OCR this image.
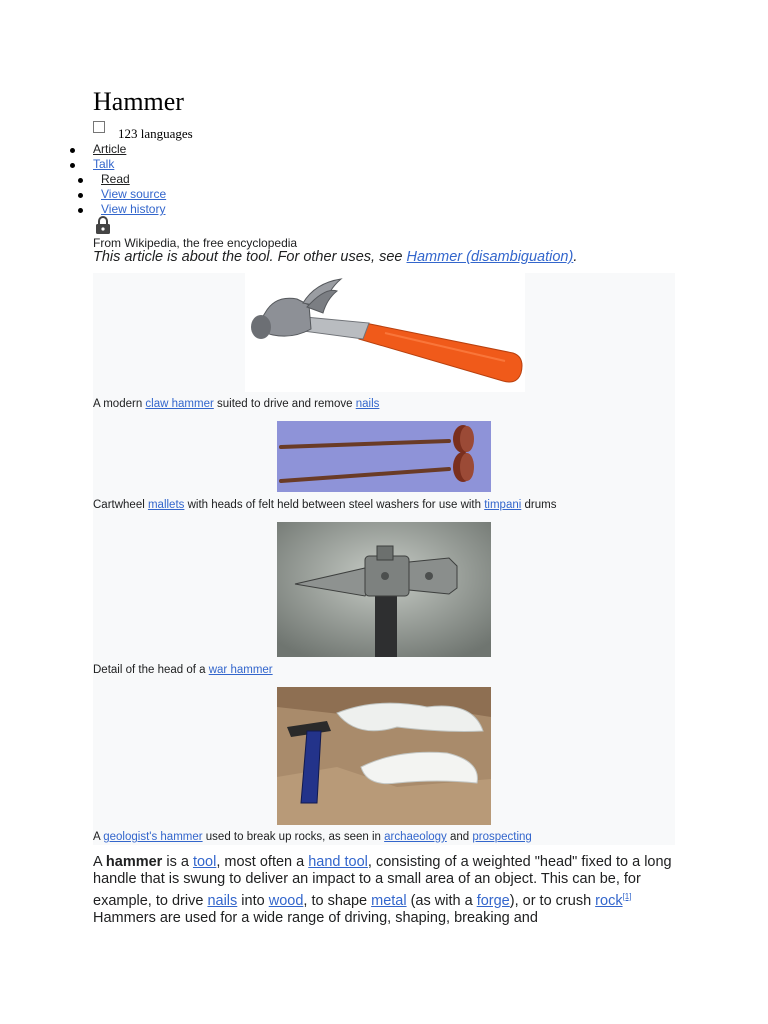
Hammer
123 languages
Article
Talk
Read
View source
View history
From Wikipedia, the free encyclopedia
This article is about the tool. For other uses, see Hammer (disambiguation).
A modern claw hammer suited to drive and remove nails
Cartwheel mallets with heads of felt held between steel washers for use with timpani drums
Detail of the head of a war hammer
A geologist's hammer used to break up rocks, as seen in archaeology and prospecting
A hammer is a tool, most often a hand tool, consisting of a weighted "head" fixed to a long handle that is swung to deliver an impact to a small area of an object. This can be, for example, to drive nails into wood, to shape metal (as with a forge), or to crush rock[1] Hammers are used for a wide range of driving, shaping, breaking and
